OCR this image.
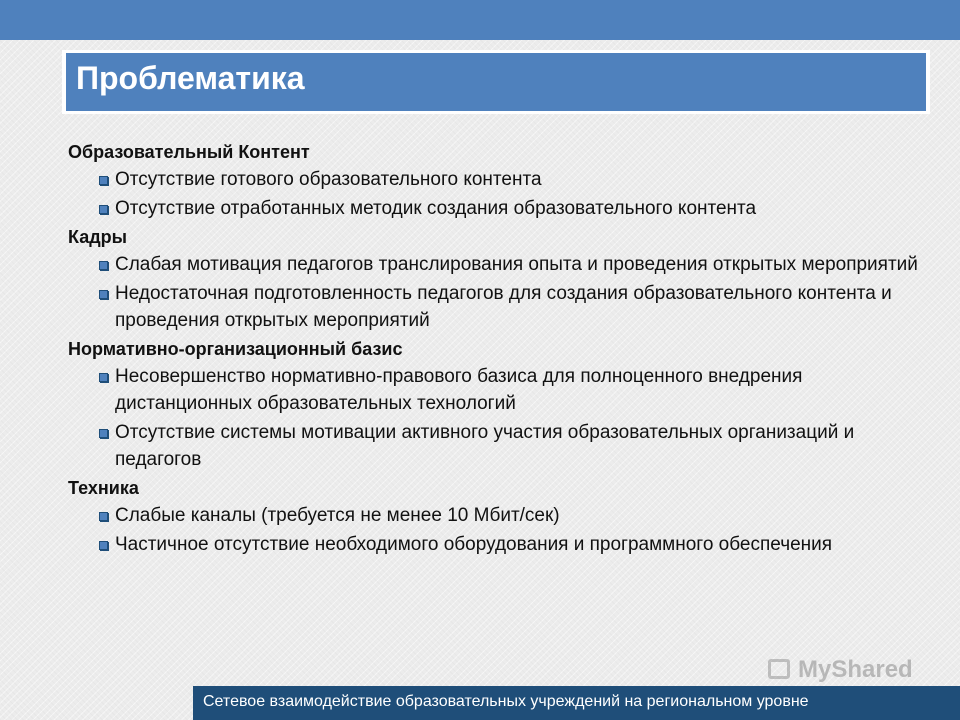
Проблематика
Образовательный Контент
Отсутствие готового образовательного контента
Отсутствие отработанных методик создания образовательного контента
Кадры
Слабая мотивация педагогов транслирования опыта и проведения открытых мероприятий
Недостаточная подготовленность педагогов для создания образовательного контента и проведения открытых мероприятий
Нормативно-организационный базис
Несовершенство нормативно-правового базиса для полноценного внедрения дистанционных образовательных технологий
Отсутствие системы мотивации активного участия образовательных организаций и педагогов
Техника
Слабые каналы (требуется не менее 10 Мбит/сек)
Частичное отсутствие необходимого оборудования и программного обеспечения
MyShared
Сетевое взаимодействие образовательных учреждений на региональном уровне
